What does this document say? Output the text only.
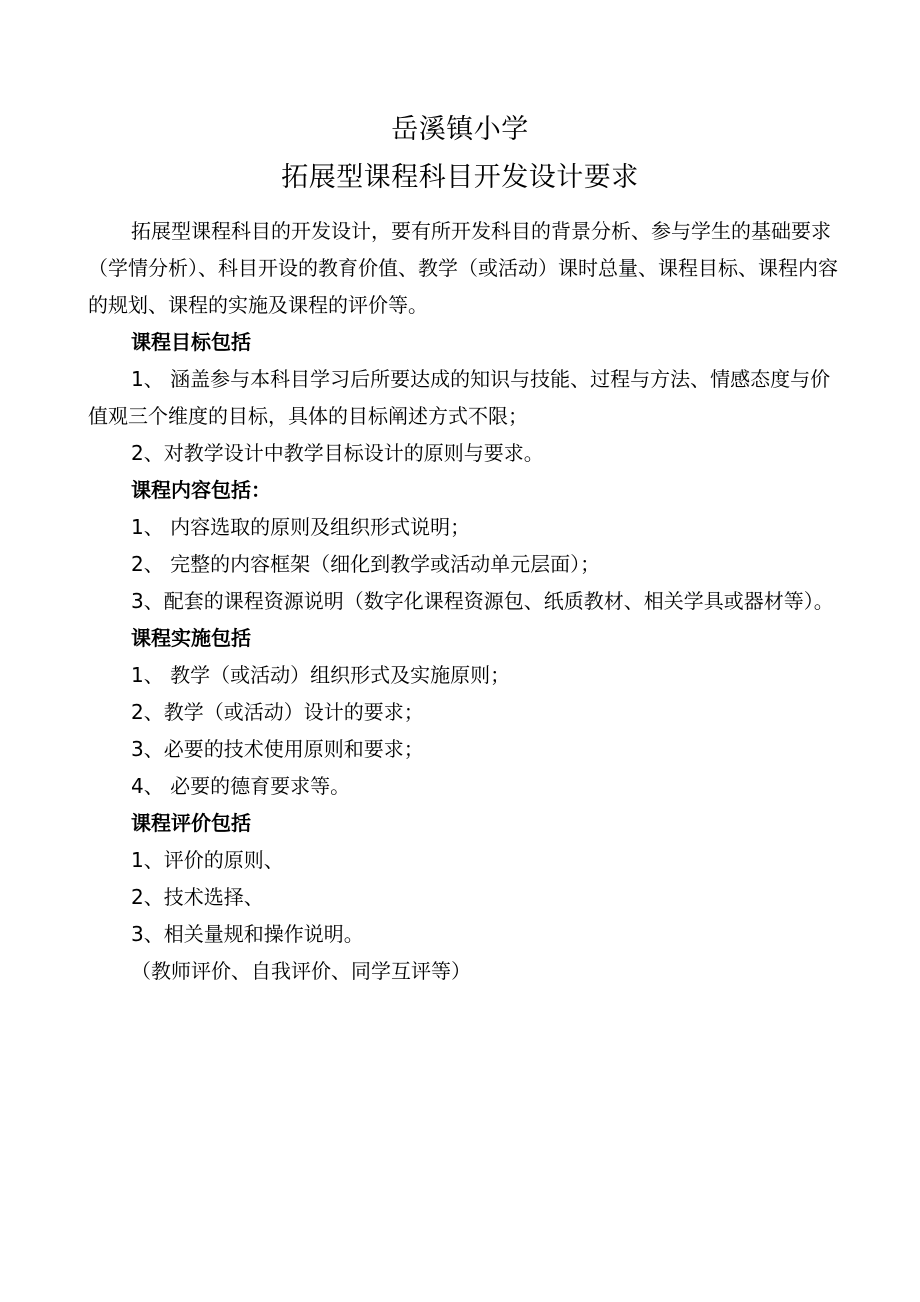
岳溪镇小学
拓展型课程科目开发设计要求

拓展型课程科目的开发设计，要有所开发科目的背景分析、参与学生的基础要求（学情分析）、科目开设的教育价值、教学（或活动）课时总量、课程目标、课程内容的规划、课程的实施及课程的评价等。

课程目标包括

1、 涵盖参与本科目学习后所要达成的知识与技能、过程与方法、情感态度与价值观三个维度的目标，具体的目标阐述方式不限；

2、对教学设计中教学目标设计的原则与要求。

课程内容包括：

1、 内容选取的原则及组织形式说明；

2、 完整的内容框架（细化到教学或活动单元层面）；

3、配套的课程资源说明（数字化课程资源包、纸质教材、相关学具或器材等）。

课程实施包括

1、 教学（或活动）组织形式及实施原则；

2、教学（或活动）设计的要求；

3、必要的技术使用原则和要求；

4、 必要的德育要求等。

课程评价包括

1、评价的原则、

2、技术选择、

3、相关量规和操作说明。

（教师评价、自我评价、同学互评等）
